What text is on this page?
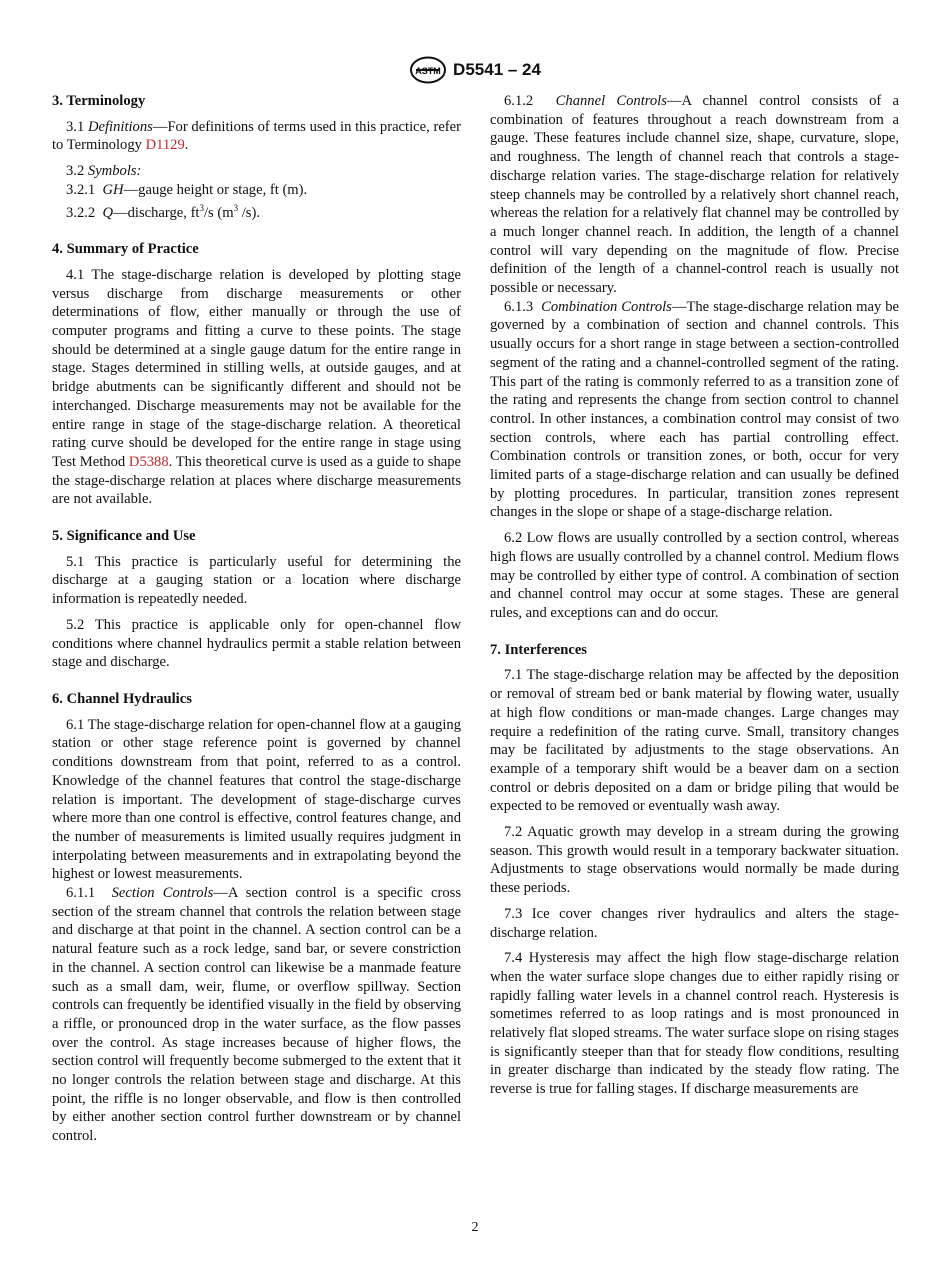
ASTM D5541 – 24
3. Terminology

3.1 Definitions—For definitions of terms used in this practice, refer to Terminology D1129.

3.2 Symbols:

3.2.1 GH—gauge height or stage, ft (m).

3.2.2 Q—discharge, $ft^3/s$ ($m^3$ /s).

4. Summary of Practice

4.1 The stage-discharge relation is developed by plotting stage versus discharge from discharge measurements or other determinations of flow, either manually or through the use of computer programs and fitting a curve to these points. The stage should be determined at a single gauge datum for the entire range in stage. Stages determined in stilling wells, at outside gauges, and at bridge abutments can be significantly different and should not be interchanged. Discharge measurements may not be available for the entire range in stage of the stage-discharge relation. A theoretical rating curve should be developed for the entire range in stage using Test Method D5388. This theoretical curve is used as a guide to shape the stage-discharge relation at places where discharge measurements are not available.

5. Significance and Use

5.1 This practice is particularly useful for determining the discharge at a gauging station or a location where discharge information is repeatedly needed.

5.2 This practice is applicable only for open-channel flow conditions where channel hydraulics permit a stable relation between stage and discharge.

6. Channel Hydraulics

6.1 The stage-discharge relation for open-channel flow at a gauging station or other stage reference point is governed by channel conditions downstream from that point, referred to as a control. Knowledge of the channel features that control the stage-discharge relation is important. The development of stage-discharge curves where more than one control is effective, control features change, and the number of measurements is limited usually requires judgment in interpolating between measurements and in extrapolating beyond the highest or lowest measurements.

6.1.1 Section Controls—A section control is a specific cross section of the stream channel that controls the relation between stage and discharge at that point in the channel. A section control can be a natural feature such as a rock ledge, sand bar, or severe constriction in the channel. A section control can likewise be a manmade feature such as a small dam, weir, flume, or overflow spillway. Section controls can frequently be identified visually in the field by observing a riffle, or pronounced drop in the water surface, as the flow passes over the control. As stage increases because of higher flows, the section control will frequently become submerged to the extent that it no longer controls the relation between stage and discharge. At this point, the riffle is no longer observable, and flow is then controlled by either another section control further downstream or by channel control.

6.1.2 Channel Controls—A channel control consists of a combination of features throughout a reach downstream from a gauge. These features include channel size, shape, curvature, slope, and roughness. The length of channel reach that controls a stage-discharge relation varies. The stage-discharge relation for relatively steep channels may be controlled by a relatively short channel reach, whereas the relation for a relatively flat channel may be controlled by a much longer channel reach. In addition, the length of a channel control will vary depending on the magnitude of flow. Precise definition of the length of a channel-control reach is usually not possible or necessary.

6.1.3 Combination Controls—The stage-discharge relation may be governed by a combination of section and channel controls. This usually occurs for a short range in stage between a section-controlled segment of the rating and a channel-controlled segment of the rating. This part of the rating is commonly referred to as a transition zone of the rating and represents the change from section control to channel control. In other instances, a combination control may consist of two section controls, where each has partial controlling effect. Combination controls or transition zones, or both, occur for very limited parts of a stage-discharge relation and can usually be defined by plotting procedures. In particular, transition zones represent changes in the slope or shape of a stage-discharge relation.

6.2 Low flows are usually controlled by a section control, whereas high flows are usually controlled by a channel control. Medium flows may be controlled by either type of control. A combination of section and channel control may occur at some stages. These are general rules, and exceptions can and do occur.

7. Interferences

7.1 The stage-discharge relation may be affected by the deposition or removal of stream bed or bank material by flowing water, usually at high flow conditions or man-made changes. Large changes may require a redefinition of the rating curve. Small, transitory changes may be facilitated by adjustments to the stage observations. An example of a temporary shift would be a beaver dam on a section control or debris deposited on a dam or bridge piling that would be expected to be removed or eventually wash away.

7.2 Aquatic growth may develop in a stream during the growing season. This growth would result in a temporary backwater situation. Adjustments to stage observations would normally be made during these periods.

7.3 Ice cover changes river hydraulics and alters the stage-discharge relation.

7.4 Hysteresis may affect the high flow stage-discharge relation when the water surface slope changes due to either rapidly rising or rapidly falling water levels in a channel control reach. Hysteresis is sometimes referred to as loop ratings and is most pronounced in relatively flat sloped streams. The water surface slope on rising stages is significantly steeper than that for steady flow conditions, resulting in greater discharge than indicated by the steady flow rating. The reverse is true for falling stages. If discharge measurements are

2
